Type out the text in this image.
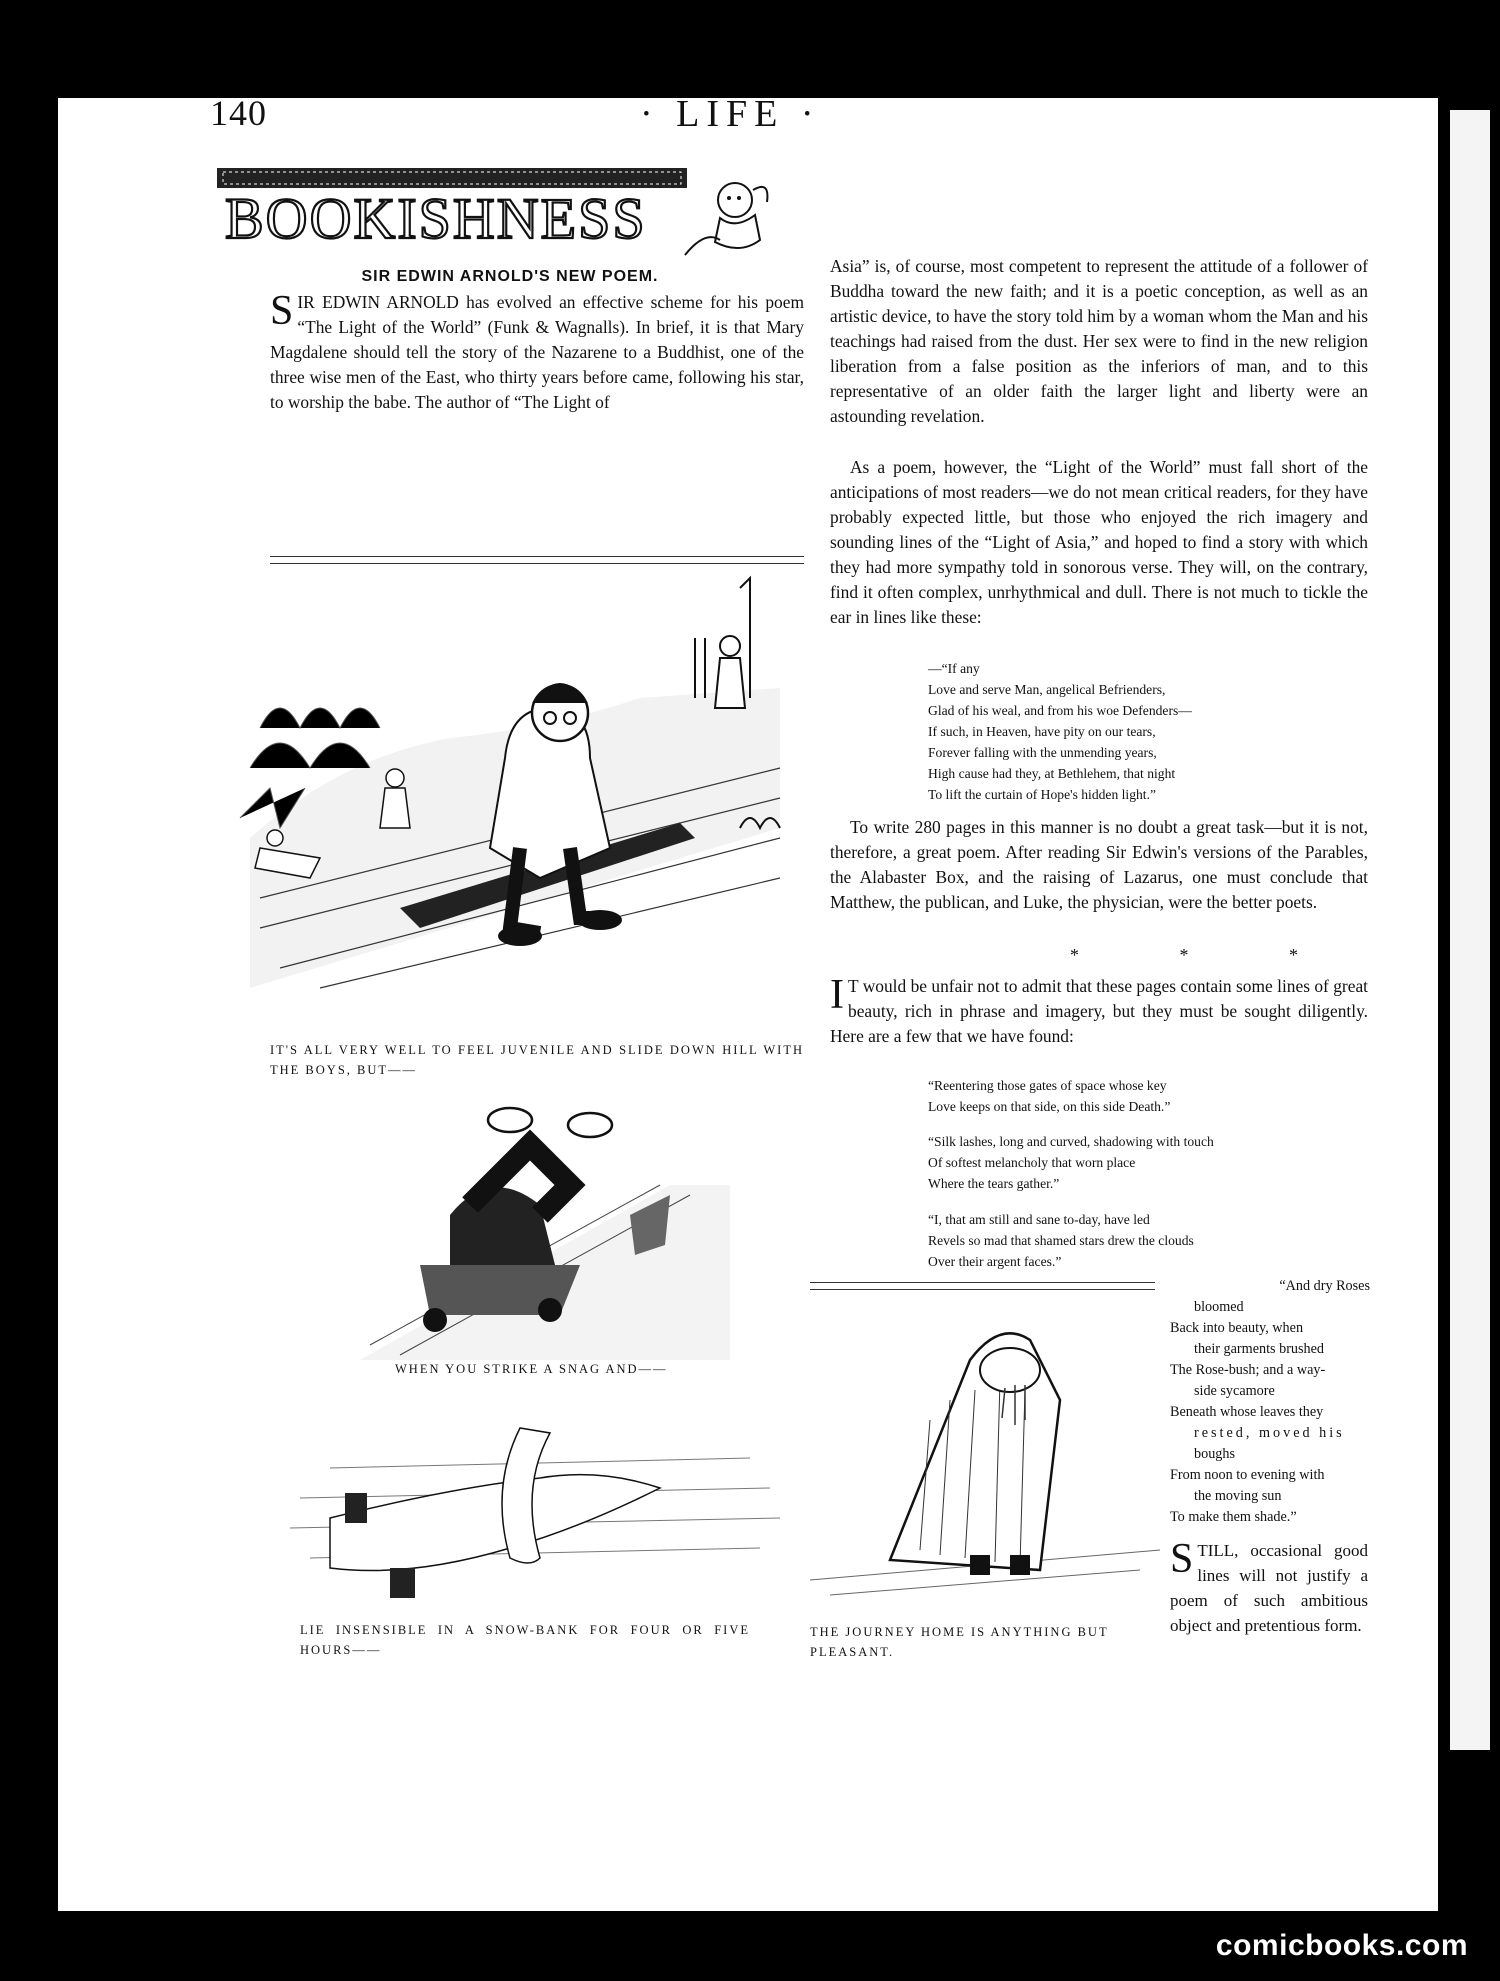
140	· LIFE ·
BOOKISHNESS
SIR EDWIN ARNOLD'S NEW POEM.

SIR EDWIN ARNOLD has evolved an effective scheme for his poem “The Light of the World” (Funk & Wagnalls). In brief, it is that Mary Magdalene should tell the story of the Nazarene to a Buddhist, one of the three wise men of the East, who thirty years before came, following his star, to worship the babe. The author of “The Light of

IT'S ALL VERY WELL TO FEEL JUVENILE AND SLIDE DOWN HILL WITH THE BOYS, BUT——
WHEN YOU STRIKE A SNAG AND——
LIE INSENSIBLE IN A SNOW-BANK FOR FOUR OR FIVE HOURS——

Asia” is, of course, most competent to represent the attitude of a follower of Buddha toward the new faith; and it is a poetic conception, as well as an artistic device, to have the story told him by a woman whom the Man and his teachings had raised from the dust. Her sex were to find in the new religion liberation from a false position as the inferiors of man, and to this representative of an older faith the larger light and liberty were an astounding revelation.

As a poem, however, the “Light of the World” must fall short of the anticipations of most readers—we do not mean critical readers, for they have probably expected little, but those who enjoyed the rich imagery and sounding lines of the “Light of Asia,” and hoped to find a story with which they had more sympathy told in sonorous verse. They will, on the contrary, find it often complex, unrhythmical and dull. There is not much to tickle the ear in lines like these:

—“If any
Love and serve Man, angelical Befrienders,
Glad of his weal, and from his woe Defenders—
If such, in Heaven, have pity on our tears,
Forever falling with the unmending years,
High cause had they, at Bethlehem, that night
To lift the curtain of Hope's hidden light.”

To write 280 pages in this manner is no doubt a great task—but it is not, therefore, a great poem. After reading Sir Edwin's versions of the Parables, the Alabaster Box, and the raising of Lazarus, one must conclude that Matthew, the publican, and Luke, the physician, were the better poets.

* * *

I T would be unfair not to admit that these pages contain some lines of great beauty, rich in phrase and imagery, but they must be sought diligently. Here are a few that we have found:

“Reentering those gates of space whose key
Love keeps on that side, on this side Death.”
“Silk lashes, long and curved, shadowing with touch
Of softest melancholy that worn place
Where the tears gather.”
“I, that am still and sane to-day, have led
Revels so mad that shamed stars drew the clouds
Over their argent faces.”
THE JOURNEY HOME IS ANYTHING BUT PLEASANT.
“And dry Roses
bloomed
Back into beauty, when
their garments brushed
The Rose-bush; and a way-
side sycamore
Beneath whose leaves they
rested, moved his
boughs
From noon to evening with
the moving sun
To make them shade.”

STILL, occasional good lines will not justify a poem of such ambitious object and pretentious form.

comicbooks.com
